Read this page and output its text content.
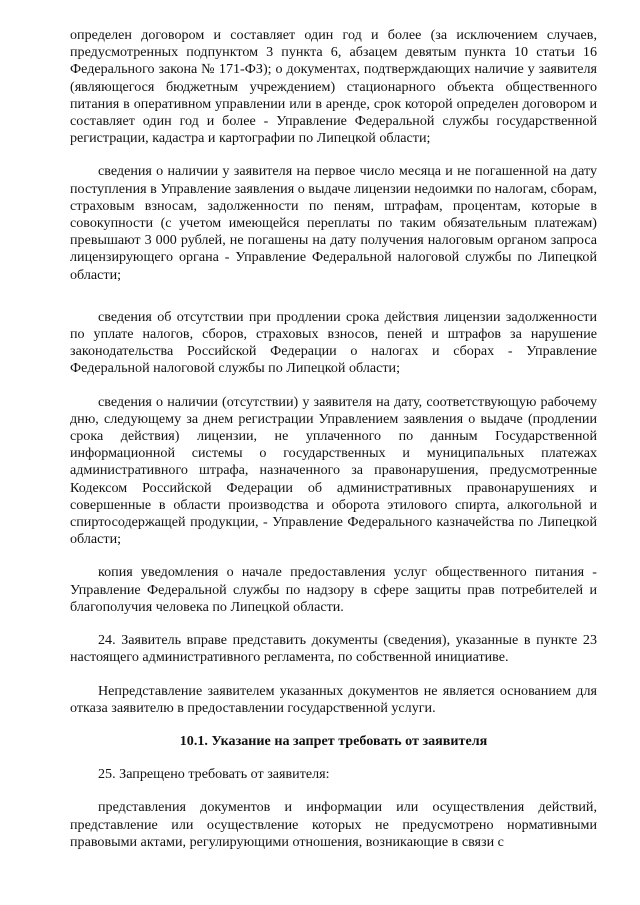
определен договором и составляет один год и более (за исключением случаев, предусмотренных подпунктом 3 пункта 6, абзацем девятым пункта 10 статьи 16 Федерального закона № 171-ФЗ); о документах, подтверждающих наличие у заявителя (являющегося бюджетным учреждением) стационарного объекта общественного питания в оперативном управлении или в аренде, срок которой определен договором и составляет один год и более - Управление Федеральной службы государственной регистрации, кадастра и картографии по Липецкой области;

сведения о наличии у заявителя на первое число месяца и не погашенной на дату поступления в Управление заявления о выдаче лицензии недоимки по налогам, сборам, страховым взносам, задолженности по пеням, штрафам, процентам, которые в совокупности (с учетом имеющейся переплаты по таким обязательным платежам) превышают 3 000 рублей, не погашены на дату получения налоговым органом запроса лицензирующего органа - Управление Федеральной налоговой службы по Липецкой области;

сведения об отсутствии при продлении срока действия лицензии задолженности по уплате налогов, сборов, страховых взносов, пеней и штрафов за нарушение законодательства Российской Федерации о налогах и сборах - Управление Федеральной налоговой службы по Липецкой области;

сведения о наличии (отсутствии) у заявителя на дату, соответствующую рабочему дню, следующему за днем регистрации Управлением заявления о выдаче (продлении срока действия) лицензии, не уплаченного по данным Государственной информационной системы о государственных и муниципальных платежах административного штрафа, назначенного за правонарушения, предусмотренные Кодексом Российской Федерации об административных правонарушениях и совершенные в области производства и оборота этилового спирта, алкогольной и спиртосодержащей продукции, - Управление Федерального казначейства по Липецкой области;

копия уведомления о начале предоставления услуг общественного питания - Управление Федеральной службы по надзору в сфере защиты прав потребителей и благополучия человека по Липецкой области.

24. Заявитель вправе представить документы (сведения), указанные в пункте 23 настоящего административного регламента, по собственной инициативе.

Непредставление заявителем указанных документов не является основанием для отказа заявителю в предоставлении государственной услуги.

10.1. Указание на запрет требовать от заявителя

25. Запрещено требовать от заявителя:

представления документов и информации или осуществления действий, представление или осуществление которых не предусмотрено нормативными правовыми актами, регулирующими отношения, возникающие в связи с
